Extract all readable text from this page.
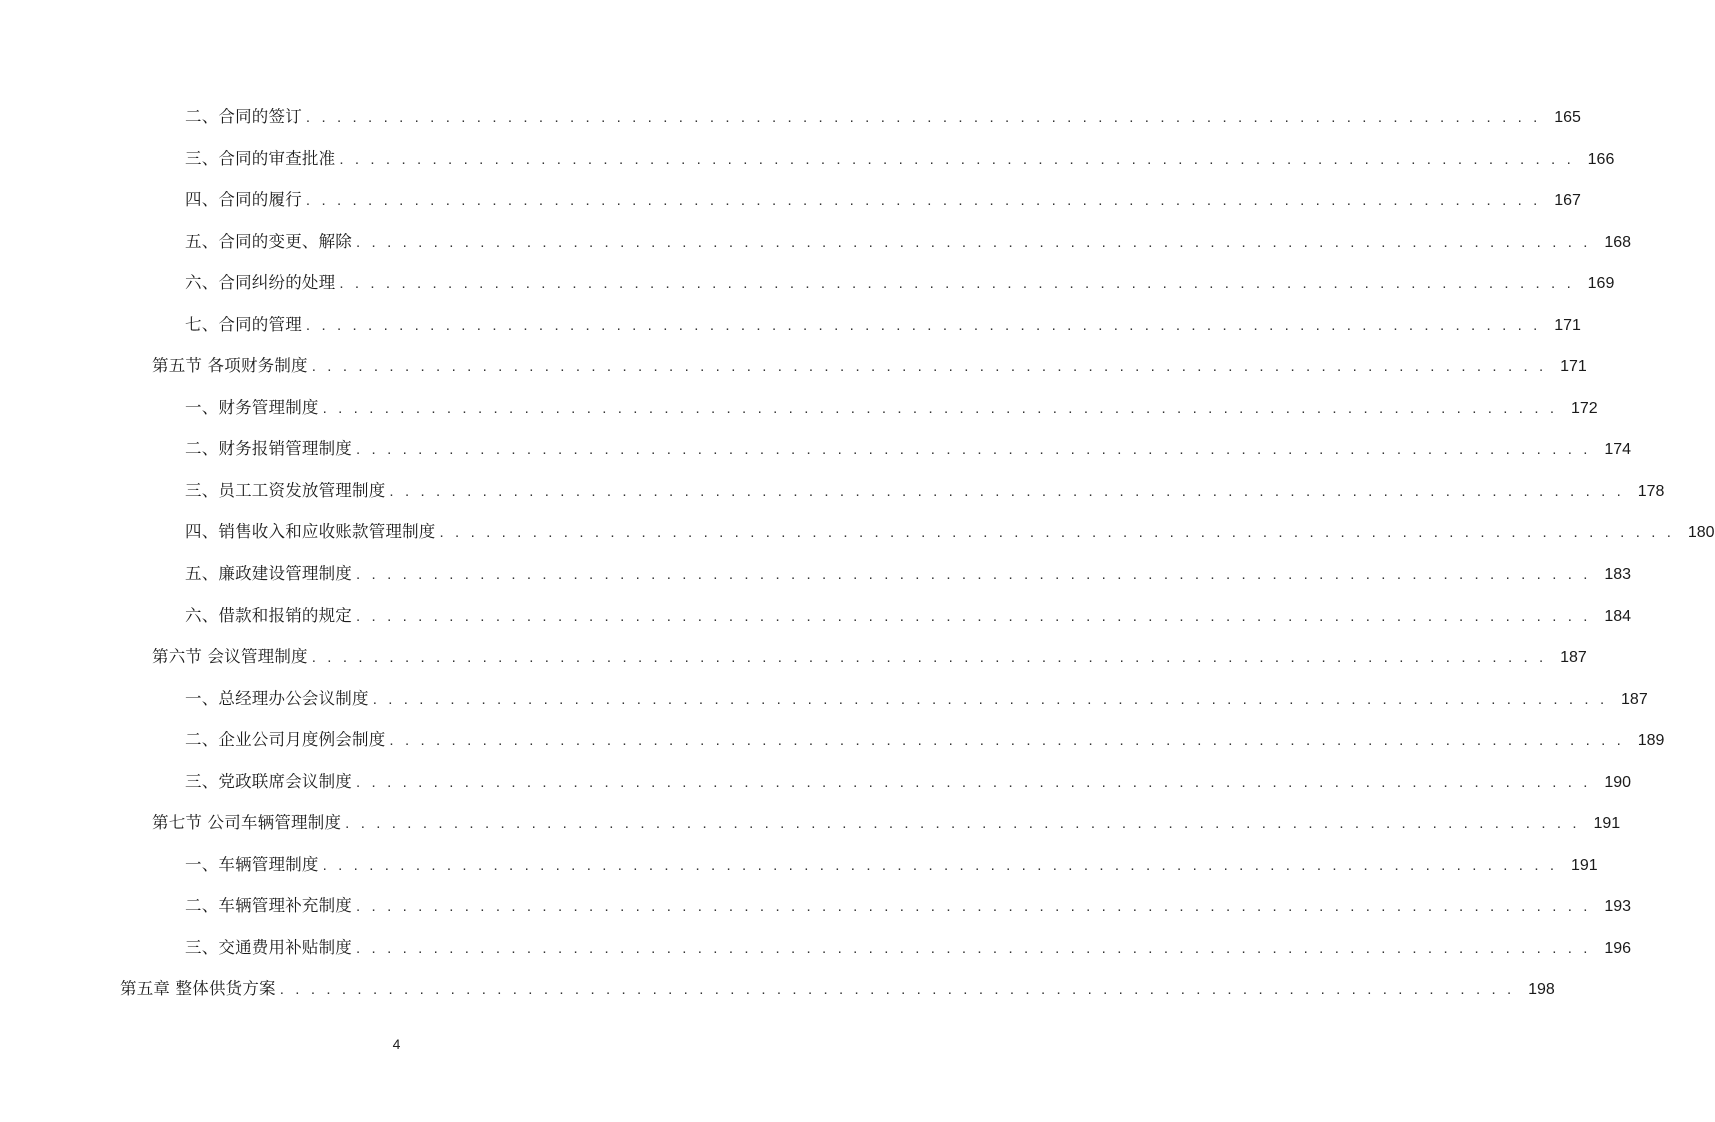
二、合同的签订 . . . . . . . . . . . . . . . . . . . . . . . . . . . . . . . . . . . . . . . . . . . . . . . . . . . . . . . . . . . . . . . . . . . . . . . . . . . . . . . . 165
三、合同的审查批准 . . . . . . . . . . . . . . . . . . . . . . . . . . . . . . . . . . . . . . . . . . . . . . . . . . . . . . . . . . . . . . . . . . . . . . . . . . . . . . . . 166
四、合同的履行 . . . . . . . . . . . . . . . . . . . . . . . . . . . . . . . . . . . . . . . . . . . . . . . . . . . . . . . . . . . . . . . . . . . . . . . . . . . . . . . . 167
五、合同的变更、解除 . . . . . . . . . . . . . . . . . . . . . . . . . . . . . . . . . . . . . . . . . . . . . . . . . . . . . . . . . . . . . . . . . . . . . . . . . . . . . . . . 168
六、合同纠纷的处理 . . . . . . . . . . . . . . . . . . . . . . . . . . . . . . . . . . . . . . . . . . . . . . . . . . . . . . . . . . . . . . . . . . . . . . . . . . . . . . . . 169
七、合同的管理 . . . . . . . . . . . . . . . . . . . . . . . . . . . . . . . . . . . . . . . . . . . . . . . . . . . . . . . . . . . . . . . . . . . . . . . . . . . . . . . . 171
第五节 各项财务制度 . . . . . . . . . . . . . . . . . . . . . . . . . . . . . . . . . . . . . . . . . . . . . . . . . . . . . . . . . . . . . . . . . . . . . . . . . . . . . . . . 171
一、财务管理制度 . . . . . . . . . . . . . . . . . . . . . . . . . . . . . . . . . . . . . . . . . . . . . . . . . . . . . . . . . . . . . . . . . . . . . . . . . . . . . . . . 172
二、财务报销管理制度 . . . . . . . . . . . . . . . . . . . . . . . . . . . . . . . . . . . . . . . . . . . . . . . . . . . . . . . . . . . . . . . . . . . . . . . . . . . . . . . . 174
三、员工工资发放管理制度 . . . . . . . . . . . . . . . . . . . . . . . . . . . . . . . . . . . . . . . . . . . . . . . . . . . . . . . . . . . . . . . . . . . . . . . . . . . . . . . . 178
四、销售收入和应收账款管理制度 . . . . . . . . . . . . . . . . . . . . . . . . . . . . . . . . . . . . . . . . . . . . . . . . . . . . . . . . . . . . . . . . . . . . . . . . . . . . . . . . 180
五、廉政建设管理制度 . . . . . . . . . . . . . . . . . . . . . . . . . . . . . . . . . . . . . . . . . . . . . . . . . . . . . . . . . . . . . . . . . . . . . . . . . . . . . . . . 183
六、借款和报销的规定 . . . . . . . . . . . . . . . . . . . . . . . . . . . . . . . . . . . . . . . . . . . . . . . . . . . . . . . . . . . . . . . . . . . . . . . . . . . . . . . . 184
第六节 会议管理制度 . . . . . . . . . . . . . . . . . . . . . . . . . . . . . . . . . . . . . . . . . . . . . . . . . . . . . . . . . . . . . . . . . . . . . . . . . . . . . . . . 187
一、总经理办公会议制度 . . . . . . . . . . . . . . . . . . . . . . . . . . . . . . . . . . . . . . . . . . . . . . . . . . . . . . . . . . . . . . . . . . . . . . . . . . . . . . . . 187
二、企业公司月度例会制度 . . . . . . . . . . . . . . . . . . . . . . . . . . . . . . . . . . . . . . . . . . . . . . . . . . . . . . . . . . . . . . . . . . . . . . . . . . . . . . . . 189
三、党政联席会议制度 . . . . . . . . . . . . . . . . . . . . . . . . . . . . . . . . . . . . . . . . . . . . . . . . . . . . . . . . . . . . . . . . . . . . . . . . . . . . . . . . 190
第七节 公司车辆管理制度 . . . . . . . . . . . . . . . . . . . . . . . . . . . . . . . . . . . . . . . . . . . . . . . . . . . . . . . . . . . . . . . . . . . . . . . . . . . . . . . . 191
一、车辆管理制度 . . . . . . . . . . . . . . . . . . . . . . . . . . . . . . . . . . . . . . . . . . . . . . . . . . . . . . . . . . . . . . . . . . . . . . . . . . . . . . . . 191
二、车辆管理补充制度 . . . . . . . . . . . . . . . . . . . . . . . . . . . . . . . . . . . . . . . . . . . . . . . . . . . . . . . . . . . . . . . . . . . . . . . . . . . . . . . . 193
三、交通费用补贴制度 . . . . . . . . . . . . . . . . . . . . . . . . . . . . . . . . . . . . . . . . . . . . . . . . . . . . . . . . . . . . . . . . . . . . . . . . . . . . . . . . 196
第五章 整体供货方案 . . . . . . . . . . . . . . . . . . . . . . . . . . . . . . . . . . . . . . . . . . . . . . . . . . . . . . . . . . . . . . . . . . . . . . . . . . . . . . . . 198
4
